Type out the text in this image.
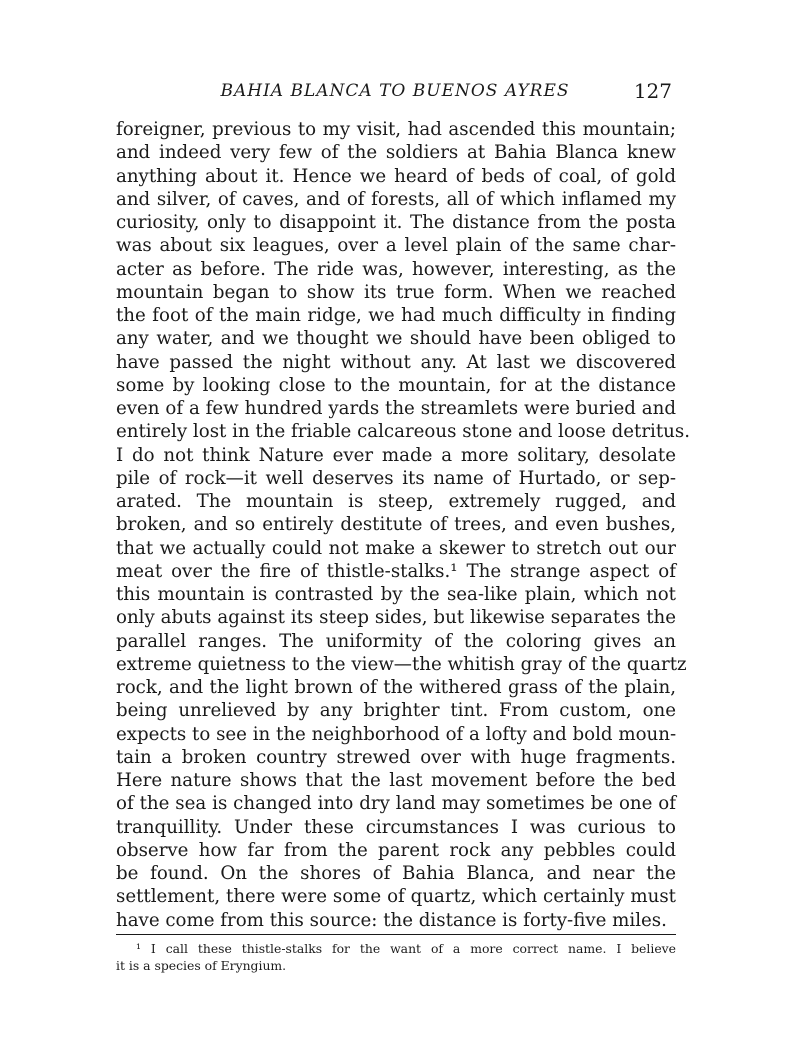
BAHIA BLANCA TO BUENOS AYRES	127
foreigner, previous to my visit, had ascended this mountain;
and indeed very few of the soldiers at Bahia Blanca knew
anything about it. Hence we heard of beds of coal, of gold
and silver, of caves, and of forests, all of which inflamed my
curiosity, only to disappoint it. The distance from the posta
was about six leagues, over a level plain of the same char-
acter as before. The ride was, however, interesting, as the
mountain began to show its true form. When we reached
the foot of the main ridge, we had much difficulty in finding
any water, and we thought we should have been obliged to
have passed the night without any. At last we discovered
some by looking close to the mountain, for at the distance
even of a few hundred yards the streamlets were buried and
entirely lost in the friable calcareous stone and loose detritus.
I do not think Nature ever made a more solitary, desolate
pile of rock—it well deserves its name of Hurtado, or sep-
arated. The mountain is steep, extremely rugged, and
broken, and so entirely destitute of trees, and even bushes,
that we actually could not make a skewer to stretch out our
meat over the fire of thistle-stalks.¹ The strange aspect of
this mountain is contrasted by the sea-like plain, which not
only abuts against its steep sides, but likewise separates the
parallel ranges. The uniformity of the coloring gives an
extreme quietness to the view—the whitish gray of the quartz
rock, and the light brown of the withered grass of the plain,
being unrelieved by any brighter tint. From custom, one
expects to see in the neighborhood of a lofty and bold moun-
tain a broken country strewed over with huge fragments.
Here nature shows that the last movement before the bed
of the sea is changed into dry land may sometimes be one of
tranquillity. Under these circumstances I was curious to
observe how far from the parent rock any pebbles could
be found. On the shores of Bahia Blanca, and near the
settlement, there were some of quartz, which certainly must
have come from this source: the distance is forty-five miles.
¹ I call these thistle-stalks for the want of a more correct name. I believe
it is a species of Eryngium.
